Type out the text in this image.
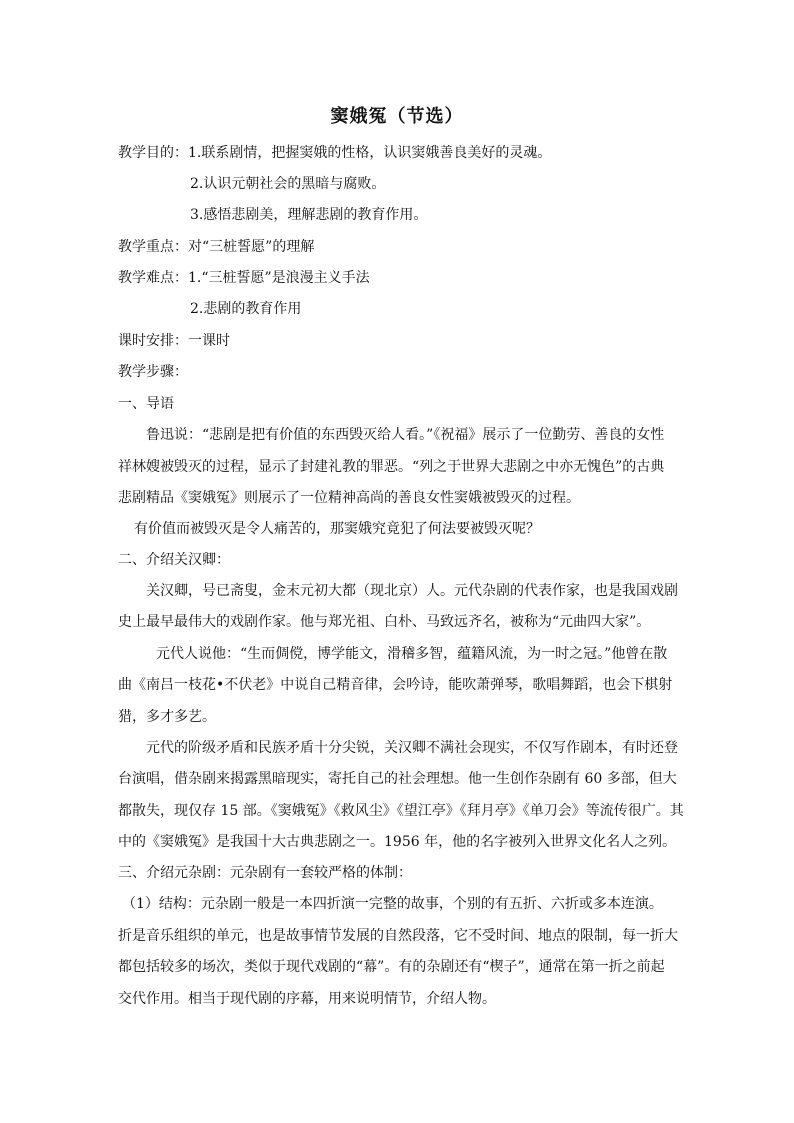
窦娥冤（节选）
教学目的：1.联系剧情，把握窦娥的性格，认识窦娥善良美好的灵魂。
2.认识元朝社会的黑暗与腐败。
3.感悟悲剧美，理解悲剧的教育作用。
教学重点：对“三桩誓愿”的理解
教学难点：1.“三桩誓愿”是浪漫主义手法
2.悲剧的教育作用
课时安排：一课时
教学步骤：
一、导语
鲁迅说：“悲剧是把有价值的东西毁灭给人看。”《祝福》展示了一位勤劳、善良的女性
祥林嫂被毁灭的过程，显示了封建礼教的罪恶。“列之于世界大悲剧之中亦无愧色”的古典
悲剧精品《窦娥冤》则展示了一位精神高尚的善良女性窦娥被毁灭的过程。
有价值而被毁灭是令人痛苦的，那窦娥究竟犯了何法要被毁灭呢？
二、介绍关汉卿：
关汉卿，号已斋叟，金末元初大都（现北京）人。元代杂剧的代表作家，也是我国戏剧
史上最早最伟大的戏剧作家。他与郑光祖、白朴、马致远齐名，被称为“元曲四大家”。
元代人说他：“生而倜傥，博学能文，滑稽多智，蕴籍风流，为一时之冠。”他曾在散
曲《南吕一枝花•不伏老》中说自己精音律，会吟诗，能吹萧弹琴，歌唱舞蹈，也会下棋射
猎，多才多艺。
元代的阶级矛盾和民族矛盾十分尖锐，关汉卿不满社会现实，不仅写作剧本，有时还登
台演唱，借杂剧来揭露黑暗现实，寄托自己的社会理想。他一生创作杂剧有 60 多部，但大
都散失，现仅存 15 部。《窦娥冤》《救风尘》《望江亭》《拜月亭》《单刀会》等流传很广。其
中的《窦娥冤》是我国十大古典悲剧之一。1956 年，他的名字被列入世界文化名人之列。
三、介绍元杂剧：元杂剧有一套较严格的体制：
（1）结构：元杂剧一般是一本四折演一完整的故事，个别的有五折、六折或多本连演。
折是音乐组织的单元，也是故事情节发展的自然段落，它不受时间、地点的限制，每一折大
都包括较多的场次，类似于现代戏剧的“幕”。有的杂剧还有“楔子”，通常在第一折之前起
交代作用。相当于现代剧的序幕，用来说明情节，介绍人物。
